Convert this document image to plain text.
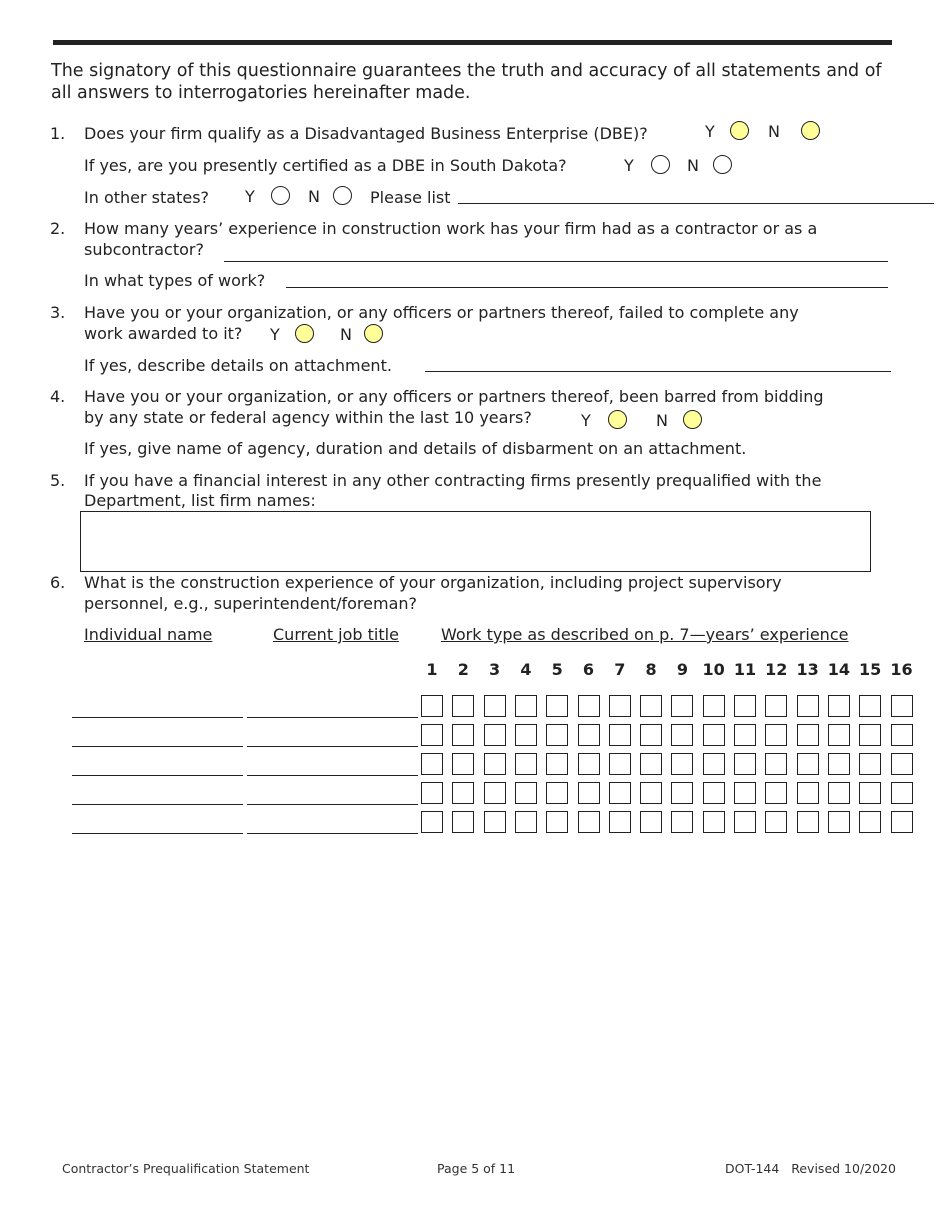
The signatory of this questionnaire guarantees the truth and accuracy of all statements and of all answers to interrogatories hereinafter made.

1. Does your firm qualify as a Disadvantaged Business Enterprise (DBE)?	Y	N
If yes, are you presently certified as a DBE in South Dakota?	Y	N
In other states? Y	N	Please list
2. How many years’ experience in construction work has your firm had as a contractor or as a
subcontractor?
In what types of work?
3. Have you or your organization, or any officers or partners thereof, failed to complete any
work awarded to it? Y	N
If yes, describe details on attachment.
4. Have you or your organization, or any officers or partners thereof, been barred from bidding
by any state or federal agency within the last 10 years?	Y	N
If yes, give name of agency, duration and details of disbarment on an attachment.
5. If you have a financial interest in any other contracting firms presently prequalified with the
Department, list firm names:
6. What is the construction experience of your organization, including project supervisory
personnel, e.g., superintendent/foreman?
Individual name	Current job title	Work type as described on p. 7—years’ experience
1	2	3	4	5	6	7	8	9 10 11 12 13 14 15 16
Contractor’s Prequalification Statement	Page 5 of 11	DOT-144   Revised 10/2020
